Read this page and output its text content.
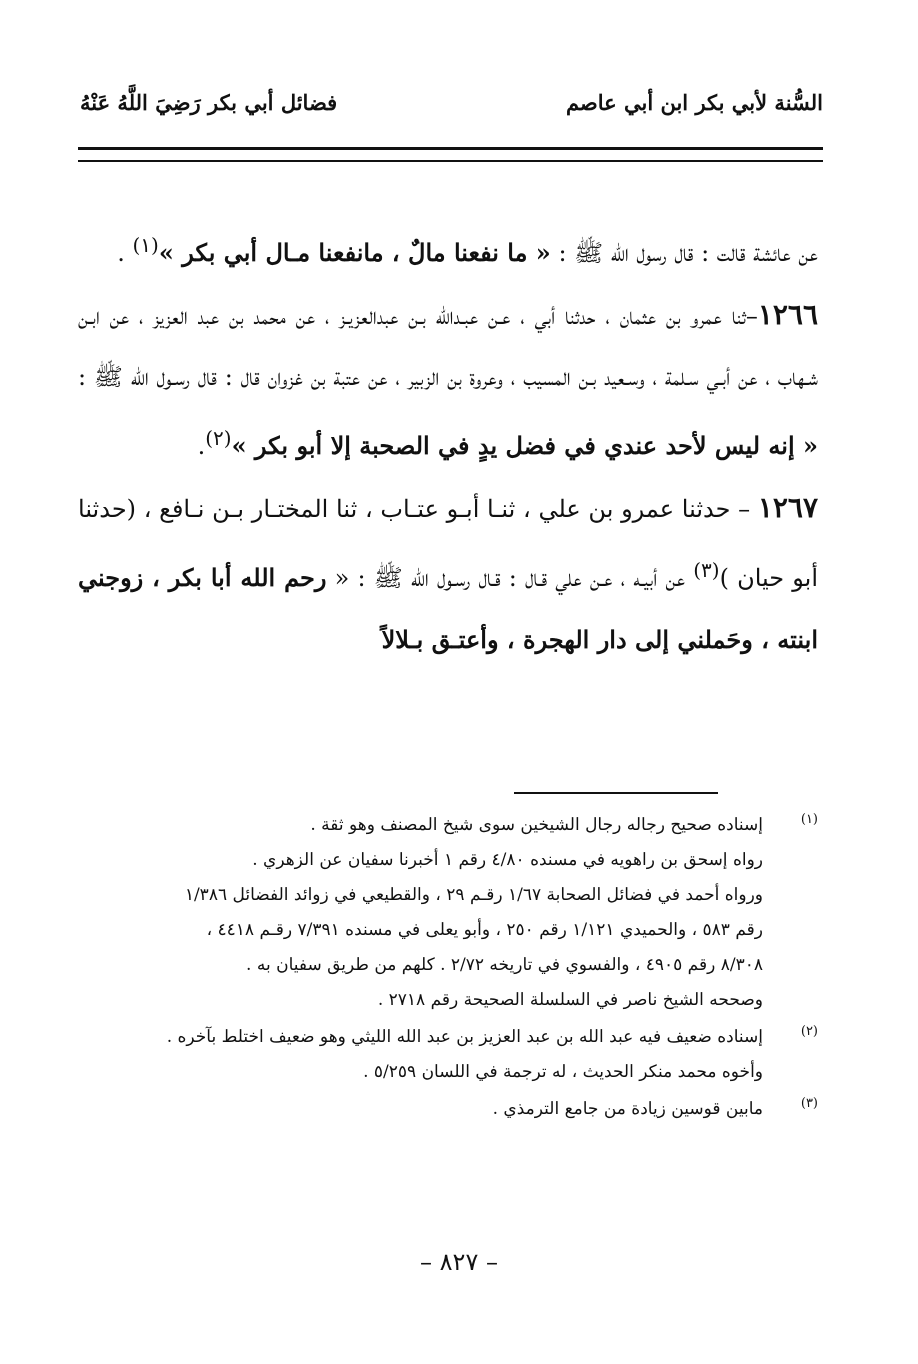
السُّنة لأبي بكر ابن أبي عاصم
فضائل أبي بكر رَضِيَ اللَّهُ عَنْهُ

عن عائشة قالت : قال رسول الله ﷺ : « ما نفعنا مالٌ ، مانفعنا مـال أبي بكر »$^{(١)}$ .

١٢٦٦–ثنا عمرو بن عثمان ، حدثنا أبي ، عـن عبـدالله بـن عبدالعزيـز ، عن محمد بن عبد العزيز ، عن ابـن شـهاب ، عن أبـي سـلمة ، وسـعيد بـن المسيب ، وعروة بن الزبير ، عن عتبة بن غزوان قال : قال رسـول الله ﷺ : « إنه ليس لأحد عندي في فضل يدٍ في الصحبة إلا أبو بكر »$^{(٢)}$.

١٢٦٧ – حدثنا عمرو بن علي ، ثنـا أبـو عتـاب ، ثنا المختـار بـن نـافع ، (حدثنا أبو حيان )$^{(٣)}$ عن أبيـه ، عـن علي قـال : قـال رسـول الله ﷺ : « رحم الله أبا بكر ، زوجني ابنته ، وحَملني إلى دار الهجرة ، وأعتـق بـلالاً

(١)
إسناده صحيح رجاله رجال الشيخين سوى شيخ المصنف وهو ثقة .
رواه إسحق بن راهويه في مسنده ٤/٨٠ رقم ١ أخبرنا سفيان عن الزهري .
ورواه أحمد في فضائل الصحابة ١/٦٧ رقـم ٢٩ ، والقطيعي في زوائد الفضائل ١/٣٨٦
رقم ٥٨٣ ، والحميدي ١/١٢١ رقم ٢٥٠ ، وأبو يعلى في مسنده ٧/٣٩١ رقـم ٤٤١٨ ،
٨/٣٠٨ رقم ٤٩٠٥ ، والفسوي في تاريخه ٢/٧٢ . كلهم من طريق سفيان به .
وصححه الشيخ ناصر في السلسلة الصحيحة رقم ٢٧١٨ .
(٢)
إسناده ضعيف فيه عبد الله بن عبد العزيز بن عبد الله الليثي وهو ضعيف اختلط بآخره .
وأخوه محمد منكر الحديث ، له ترجمة في اللسان ٥/٢٥٩ .
(٣)
مابين قوسين زيادة من جامع الترمذي .
– ٨٢٧ –
